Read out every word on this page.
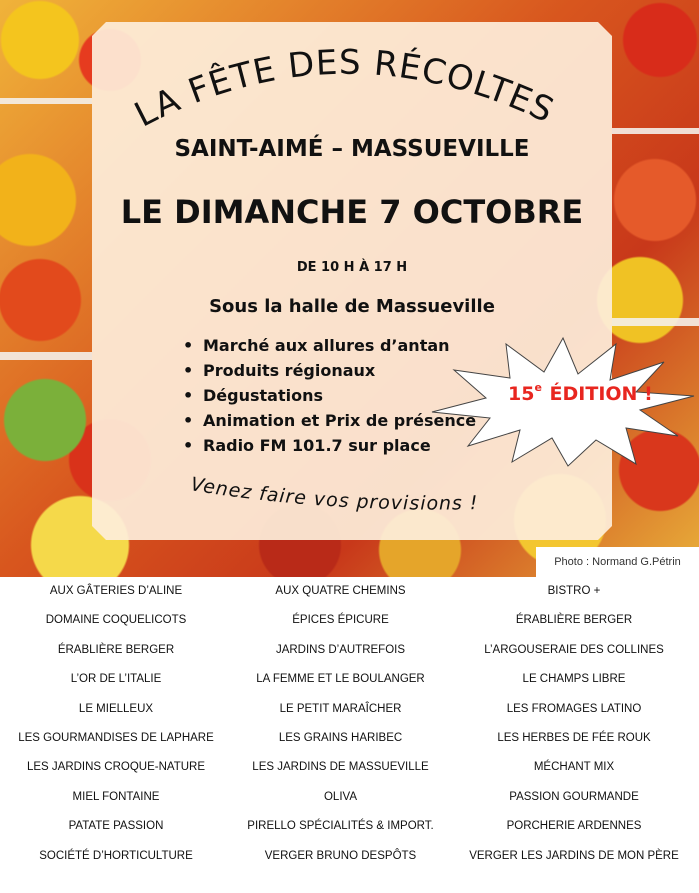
LA FÊTE DES RÉCOLTES
SAINT-AIMÉ – MASSUEVILLE
LE DIMANCHE 7 OCTOBRE
DE 10 H À 17 H
Sous la halle de Massueville
• Marché aux allures d’antan
• Produits régionaux
• Dégustations
• Animation et Prix de présence
• Radio FM 101.7 sur place
15e ÉDITION !
Venez faire vos provisions !
Photo : Normand G.Pétrin
AUX GÂTERIES D’ALINE	AUX QUATRE CHEMINS	BISTRO +
DOMAINE COQUELICOTS	ÉPICES ÉPICURE	ÉRABLIÈRE BERGER
ÉRABLIÈRE BERGER	JARDINS D’AUTREFOIS	L’ARGOUSERAIE DES COLLINES
L’OR DE L’ITALIE	LA FEMME ET LE BOULANGER	LE CHAMPS LIBRE
LE MIELLEUX	LE PETIT MARAÎCHER	LES FROMAGES LATINO
LES GOURMANDISES DE LAPHARE	LES GRAINS HARIBEC	LES HERBES DE FÉE ROUK
LES JARDINS CROQUE-NATURE	LES JARDINS DE MASSUEVILLE	MÉCHANT MIX
MIEL FONTAINE	OLIVA	PASSION GOURMANDE
PATATE PASSION	PIRELLO SPÉCIALITÉS & IMPORT.	PORCHERIE ARDENNES
SOCIÉTÉ D’HORTICULTURE	VERGER BRUNO DESPÔTS	VERGER LES JARDINS DE MON PÈRE
